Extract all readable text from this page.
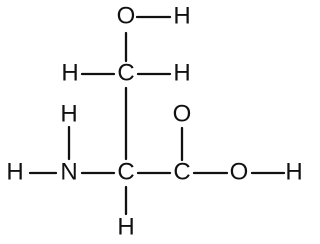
O H
H C H
H	O
H N C C O H
H
